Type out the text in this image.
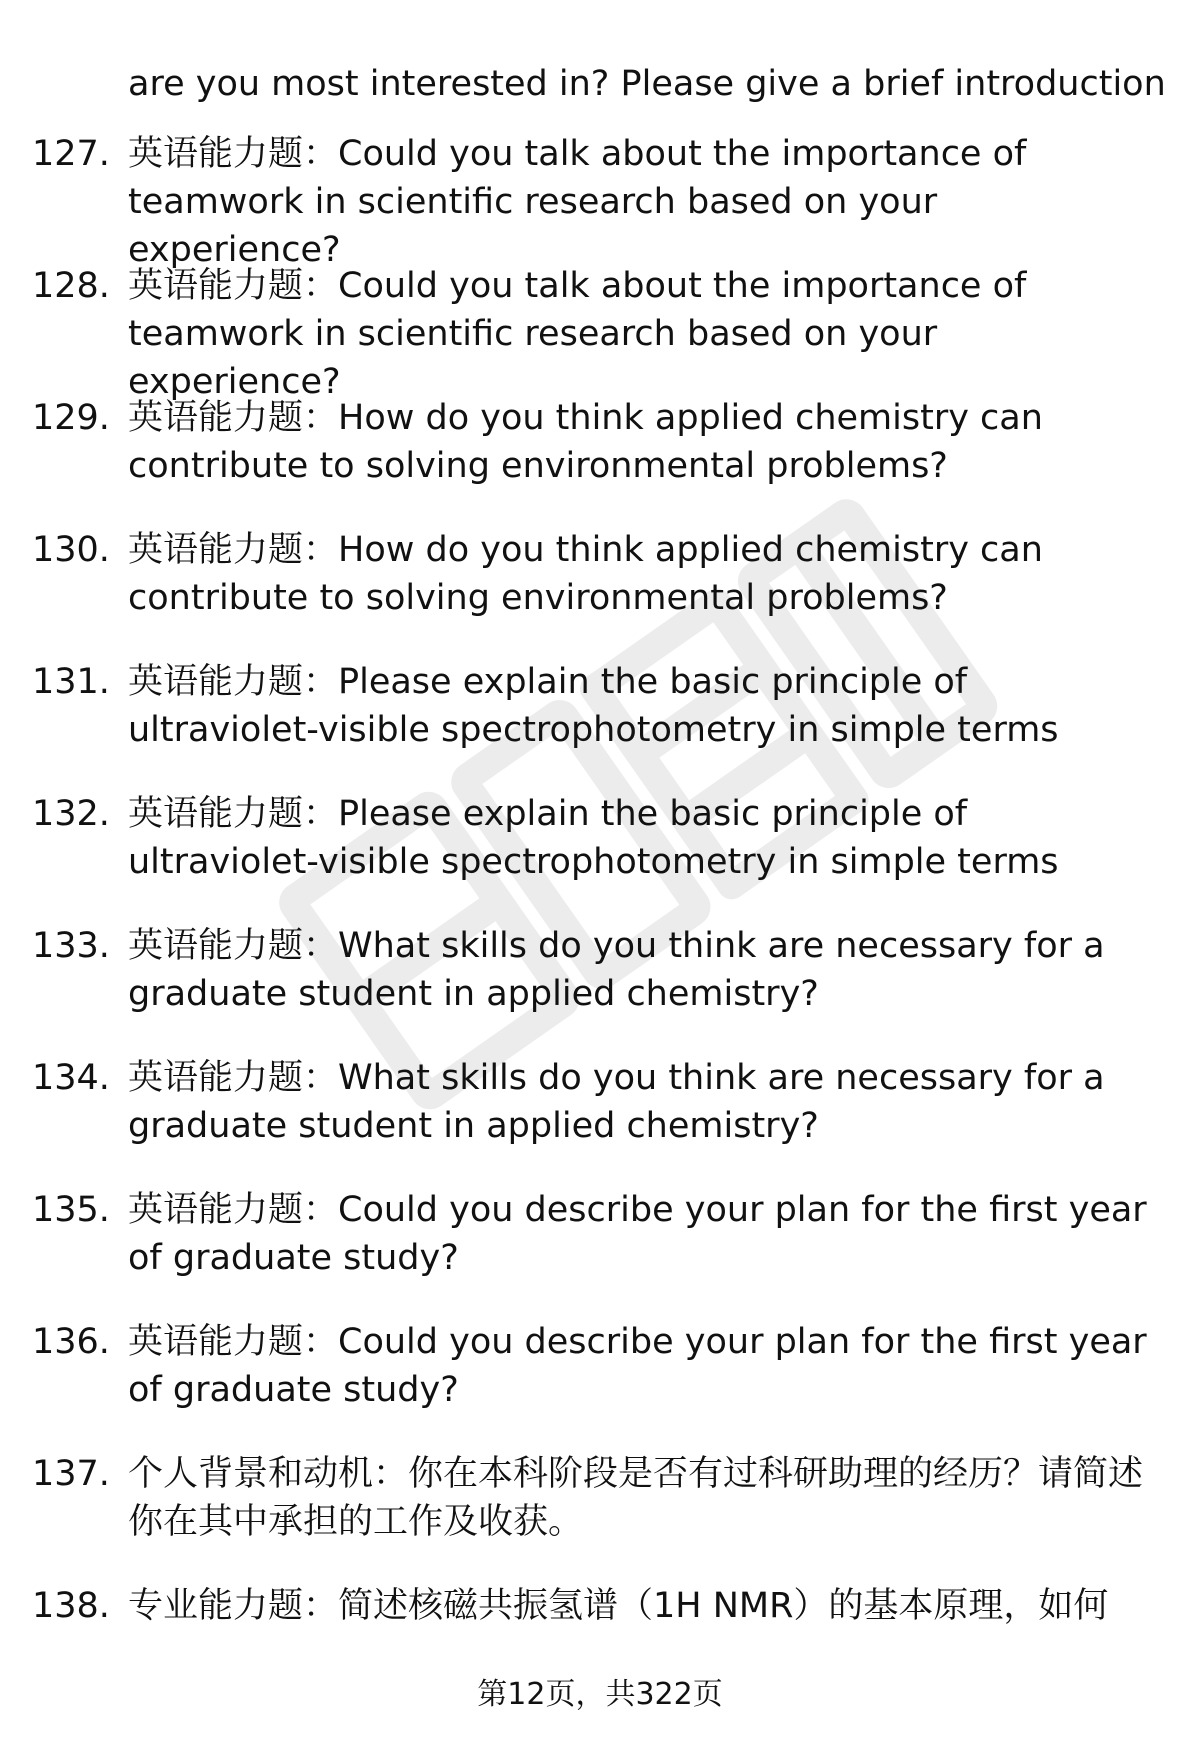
are you most interested in? Please give a brief introduction
127. 英语能力题：Could you talk about the importance of teamwork in scientific research based on your experience?
128. 英语能力题：Could you talk about the importance of teamwork in scientific research based on your experience?
129. 英语能力题：How do you think applied chemistry can contribute to solving environmental problems?
130. 英语能力题：How do you think applied chemistry can contribute to solving environmental problems?
131. 英语能力题：Please explain the basic principle of ultraviolet-visible spectrophotometry in simple terms
132. 英语能力题：Please explain the basic principle of ultraviolet-visible spectrophotometry in simple terms
133. 英语能力题：What skills do you think are necessary for a graduate student in applied chemistry?
134. 英语能力题：What skills do you think are necessary for a graduate student in applied chemistry?
135. 英语能力题：Could you describe your plan for the first year of graduate study?
136. 英语能力题：Could you describe your plan for the first year of graduate study?
137. 个人背景和动机：你在本科阶段是否有过科研助理的经历？请简述你在其中承担的工作及收获。
138. 专业能力题：简述核磁共振氢谱（1H NMR）的基本原理，如何
第12页，共322页
